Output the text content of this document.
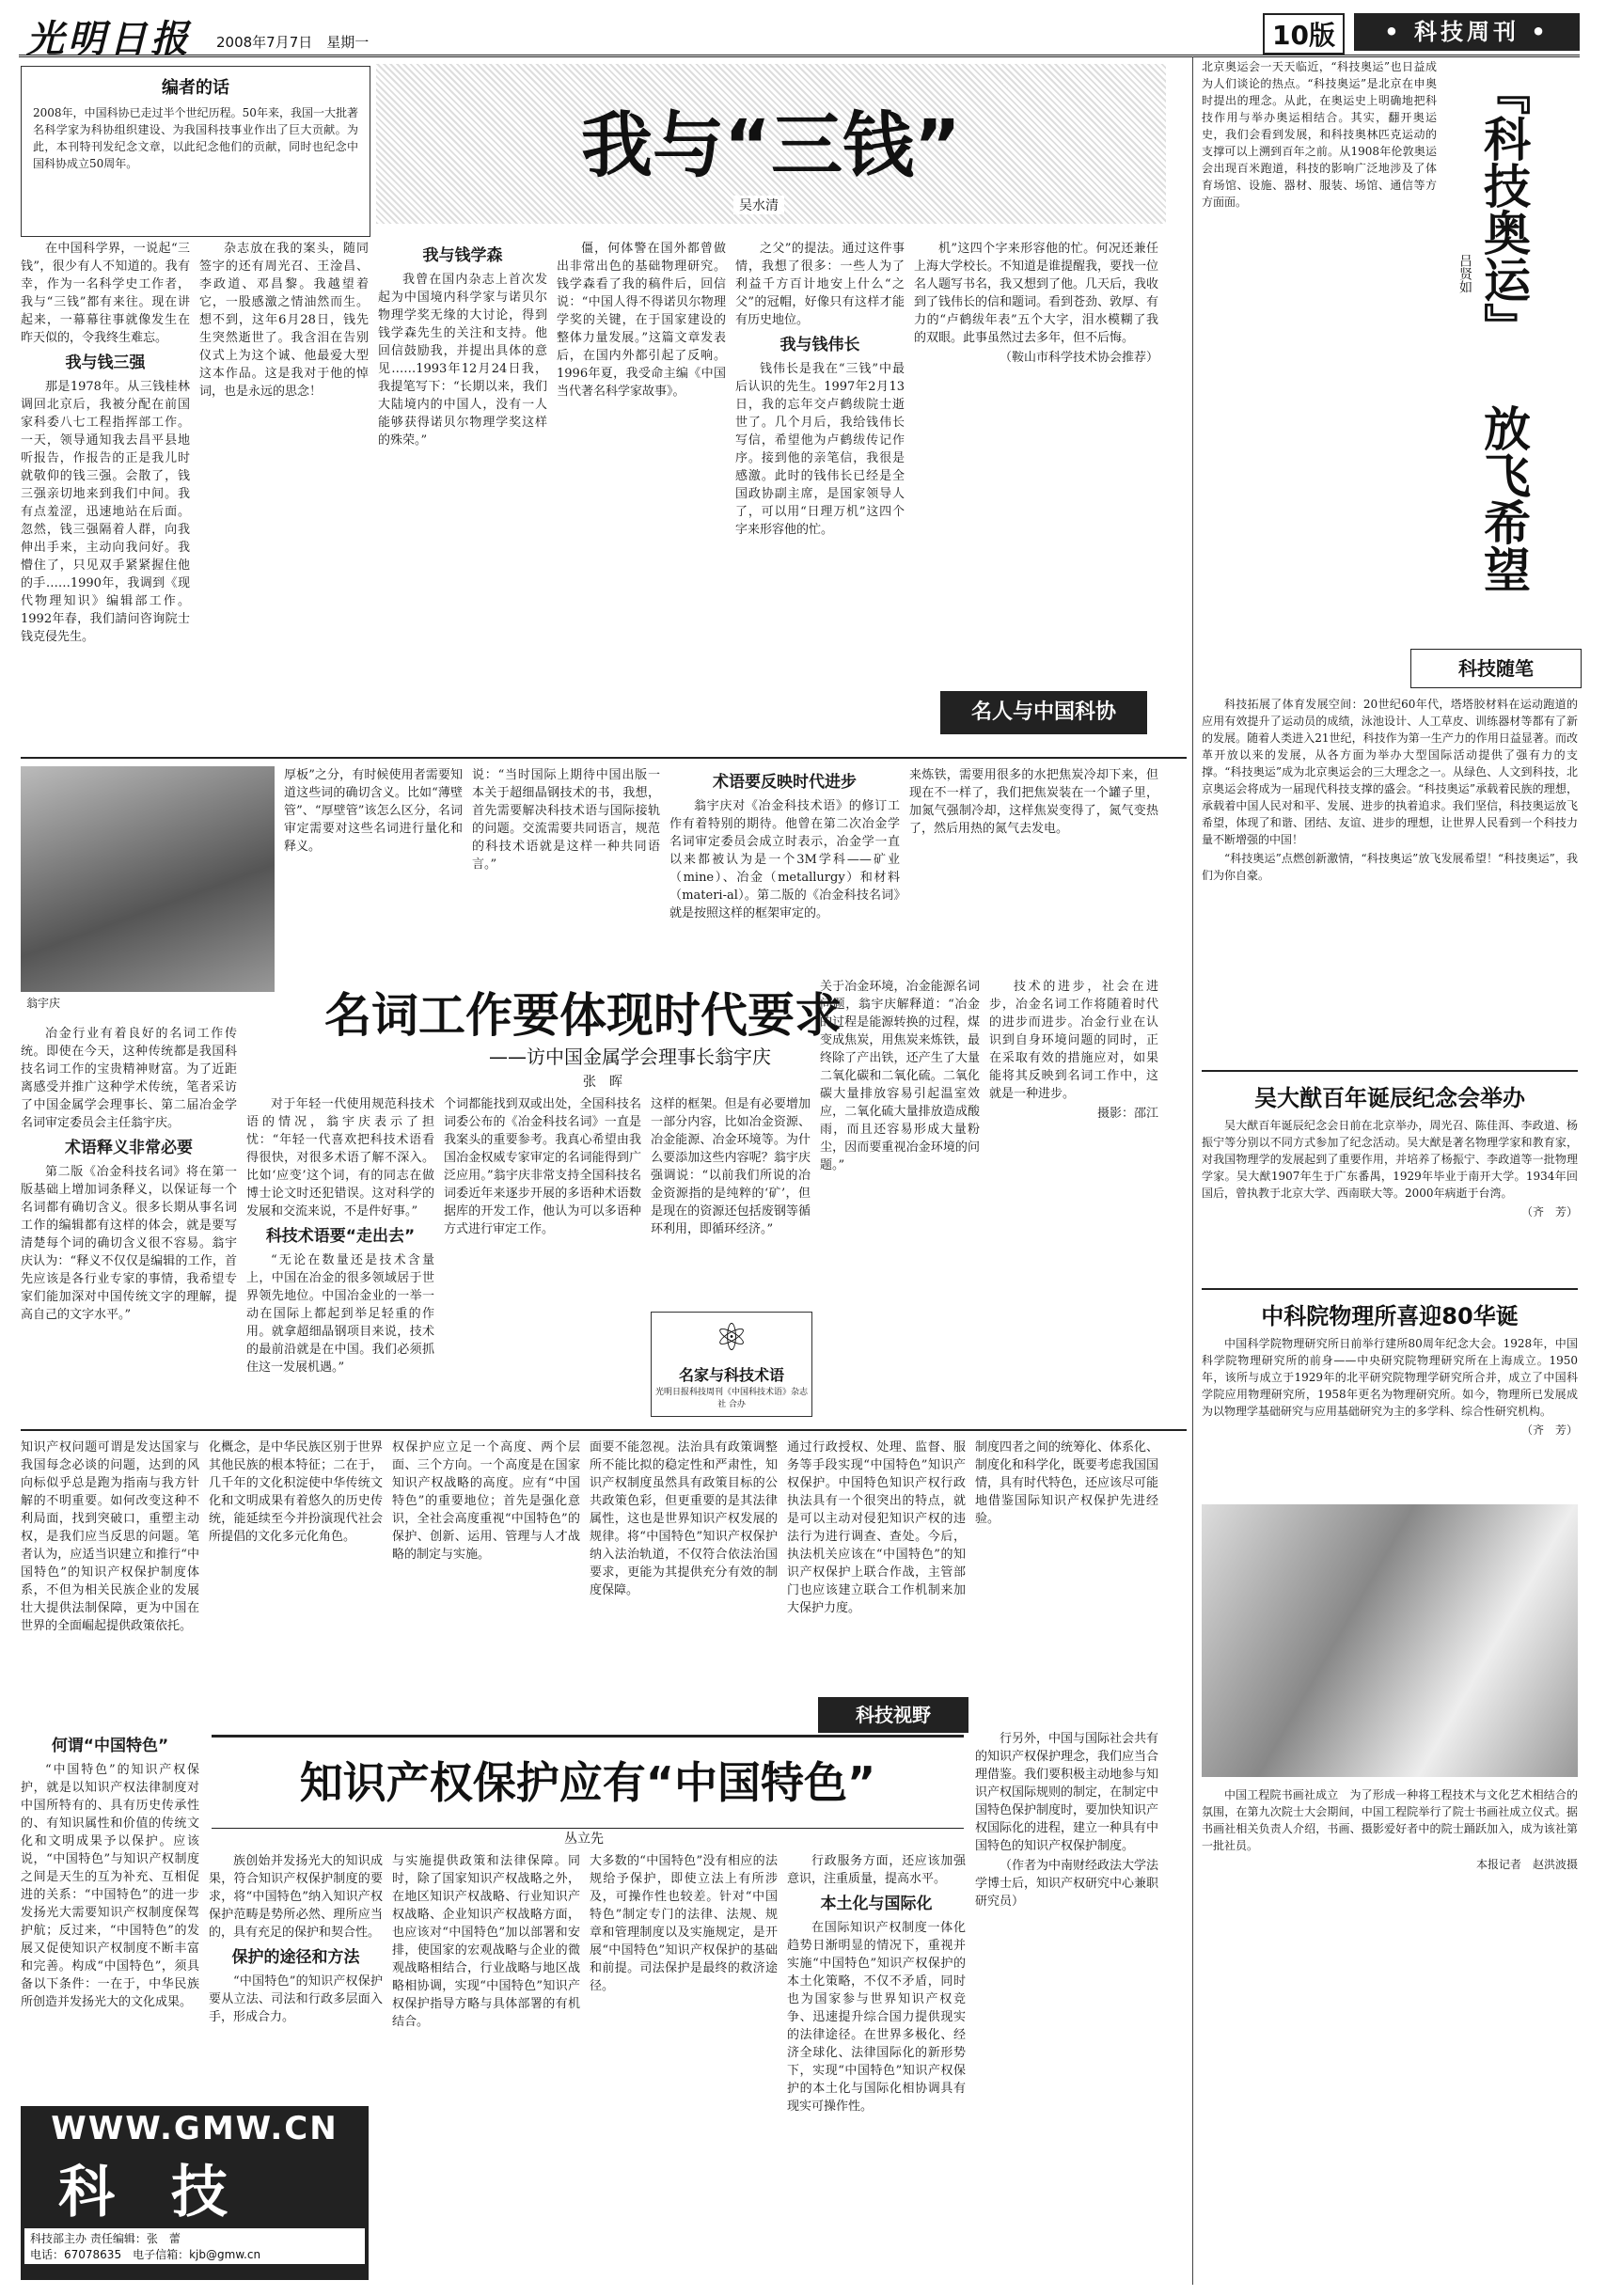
光明日报 2008年7月7日　星期一	10版	• 科技周刊 •
编者的话
2008年，中国科协已走过半个世纪历程。50年来，我国一大批著名科学家为科协组织建设、为我国科技事业作出了巨大贡献。为此，本刊特刊发纪念文章，以此纪念他们的贡献，同时也纪念中国科协成立50周年。	我与“三钱”
吴水清

在中国科学界，一说起“三钱”，很少有人不知道的。我有幸，作为一名科学史工作者，我与“三钱”都有来往。现在讲起来，一幕幕往事就像发生在昨天似的，令我终生难忘。

我与钱三强

那是1978年。从三钱桂林调回北京后，我被分配在前国家科委八七工程指挥部工作。一天，领导通知我去昌平县地听报告，作报告的正是我儿时就敬仰的钱三强。会散了，钱三强亲切地来到我们中间。我有点羞涩，迅速地站在后面。忽然，钱三强隔着人群，向我伸出手来，主动向我问好。我懵住了，只见双手紧紧握住他的手……1990年，我调到《现代物理知识》编辑部工作。1992年春，我们請问咨询院士钱克侵先生。

杂志放在我的案头，随同签字的还有周光召、王淦昌、李政道、邓昌黎。我越望着它，一股感激之情油然而生。想不到，这年6月28日，钱先生突然逝世了。我含泪在告别仪式上为这个诚、他最爱大型这本作品。这是我对于他的悼词，也是永远的思念！

我与钱学森

我曾在国内杂志上首次发起为中国境内科学家与诺贝尔物理学奖无缘的大讨论，得到钱学森先生的关注和支持。他回信鼓励我，并提出具体的意见……1993年12月24日我，我提笔写下：“长期以来，我们大陆境内的中国人，没有一人能够获得诺贝尔物理学奖这样的殊荣。”

僵，何体警在国外都曾做出非常出色的基础物理研究。钱学森看了我的稿件后，回信说：“中国人得不得诺贝尔物理学奖的关键，在于国家建设的整体力量发展。”这篇文章发表后，在国内外都引起了反响。1996年夏，我受命主编《中国当代著名科学家故事》。

之父”的提法。通过这件事情，我想了很多：一些人为了利益千方百计地安上什么“之父”的冠帽，好像只有这样才能有历史地位。

我与钱伟长

钱伟长是我在“三钱”中最后认识的先生。1997年2月13日，我的忘年交卢鹤绂院士逝世了。几个月后，我给钱伟长写信，希望他为卢鹤绂传记作序。接到他的亲笔信，我很是感激。此时的钱伟长已经是全国政协副主席，是国家领导人了，可以用“日理万机”这四个字来形容他的忙。

机”这四个字来形容他的忙。何况还兼任上海大学校长。不知道是谁提醒我，要找一位名人题写书名，我又想到了他。几天后，我收到了钱伟长的信和题词。看到苍劲、敦厚、有力的“卢鹤绂年表”五个大字，泪水模糊了我的双眼。此事虽然过去多年，但不后悔。

（鞍山市科学技术协会推荐）

名人与中国科协
翁宇庆
厚板”之分，有时候使用者需要知道这些词的确切含义。比如“薄壁管”、“厚壁管”该怎么区分，名词审定需要对这些名词进行量化和释义。
说：“当时国际上期待中国出版一本关于超细晶钢技术的书，我想，首先需要解决科技术语与国际接轨的问题。交流需要共同语言，规范的科技术语就是这样一种共同语言。”
术语要反映时代进步

翁宇庆对《冶金科技术语》的修订工作有着特别的期待。他曾在第二次冶金学名词审定委员会成立时表示，冶金学一直以来都被认为是一个3M学科——矿业（mine）、冶金（metallurgy）和材料（materi-al）。第二版的《冶金科技名词》就是按照这样的框架审定的。

来炼铁，需要用很多的水把焦炭冷却下来，但现在不一样了，我们把焦炭装在一个罐子里，加氮气强制冷却，这样焦炭变得了，氮气变热了，然后用热的氮气去发电。
名词工作要体现时代要求
——访中国金属学会理事长翁宇庆
张　晖

冶金行业有着良好的名词工作传统。即使在今天，这种传统都是我国科技名词工作的宝贵精神财富。为了近距离感受并推广这种学术传统，笔者采访了中国金属学会理事长、第二届冶金学名词审定委员会主任翁宇庆。

术语释义非常必要

第二版《冶金科技名词》将在第一版基础上增加词条释义，以保证每一个名词都有确切含义。很多长期从事名词工作的编辑都有这样的体会，就是要写清楚每个词的确切含义很不容易。翁宇庆认为：“释义不仅仅是编辑的工作，首先应该是各行业专家的事情，我希望专家们能加深对中国传统文字的理解，提高自己的文字水平。”

对于年轻一代使用规范科技术语的情况，翁宇庆表示了担忧：“年轻一代喜欢把科技术语看得很快，对很多术语了解不深入。比如‘应变’这个词，有的同志在做博士论文时还犯错误。这对科学的发展和交流来说，不是件好事。”

科技术语要“走出去”

“无论在数量还是技术含量上，中国在冶金的很多领域居于世界领先地位。中国冶金业的一举一动在国际上都起到举足轻重的作用。就拿超细晶钢项目来说，技术的最前沿就是在中国。我们必须抓住这一发展机遇。”

个词都能找到双或出处，全国科技名词委公布的《冶金科技名词》一直是我案头的重要参考。我真心希望由我国冶金权威专家审定的名词能得到广泛应用。”翁宇庆非常支持全国科技名词委近年来逐步开展的多语种术语数据库的开发工作，他认为可以多语种方式进行审定工作。
这样的框架。但是有必要增加一部分内容，比如冶金资源、冶金能源、冶金环境等。为什么要添加这些内容呢？翁宇庆强调说：“以前我们所说的冶金资源指的是纯粹的‘矿’，但是现在的资源还包括废钢等循环利用，即循环经济。”
关于冶金环境，冶金能源名词问题，翁宇庆解释道：“冶金的过程是能源转换的过程，煤变成焦炭，用焦炭来炼铁，最终除了产出铁，还产生了大量二氧化碳和二氧化硫。二氧化碳大量排放容易引起温室效应，二氧化硫大量排放造成酸雨，而且还容易形成大量粉尘，因而要重视冶金环境的问题。”

技术的进步，社会在进步，冶金名词工作将随着时代的进步而进步。冶金行业在认识到自身环境问题的同时，正在采取有效的措施应对，如果能将其反映到名词工作中，这就是一种进步。

摄影：邵江

⚛
名家与科技术语
光明日报科技周刊《中国科技术语》杂志社 合办
知识产权问题可谓是发达国家与我国每念必谈的问题，达到的风向标似乎总是跑为指南与我方针解的不明重要。如何改变这种不利局面，找到突破口，重塑主动权，是我们应当反思的问题。笔者认为，应适当识建立和推行“中国特色”的知识产权保护制度体系，不但为相关民族企业的发展壮大提供法制保障，更为中国在世界的全面崛起提供政策依托。
化概念，是中华民族区别于世界其他民族的根本特征；二在于，几千年的文化积淀使中华传统文化和文明成果有着悠久的历史传统，能延续至今并扮演现代社会所提倡的文化多元化角色。
权保护应立足一个高度、两个层面、三个方向。一个高度是在国家知识产权战略的高度。应有“中国特色”的重要地位；首先是强化意识，全社会高度重视“中国特色”的保护、创新、运用、管理与人才战略的制定与实施。
面要不能忽视。法治具有政策调整所不能比拟的稳定性和严肃性，知识产权制度虽然具有政策目标的公共政策色彩，但更重要的是其法律属性，这也是世界知识产权发展的规律。将“中国特色”知识产权保护纳入法治轨道，不仅符合依法治国要求，更能为其提供充分有效的制度保障。
通过行政授权、处理、监督、服务等手段实现“中国特色”知识产权保护。中国特色知识产权行政执法具有一个很突出的特点，就是可以主动对侵犯知识产权的违法行为进行调查、查处。今后，执法机关应该在“中国特色”的知识产权保护上联合作战，主管部门也应该建立联合工作机制来加大保护力度。
制度四者之间的统筹化、体系化、制度化和科学化，既要考虑我国国情，具有时代特色，还应该尽可能地借鉴国际知识产权保护先进经验。
科技视野
知识产权保护应有“中国特色”
丛立先
何谓“中国特色”

“中国特色”的知识产权保护，就是以知识产权法律制度对中国所特有的、具有历史传承性的、有知识属性和价值的传统文化和文明成果予以保护。应该说，“中国特色”与知识产权制度之间是天生的互为补充、互相促进的关系：“中国特色”的进一步发扬光大需要知识产权制度保驾护航；反过来，“中国特色”的发展又促使知识产权制度不断丰富和完善。构成“中国特色”，须具备以下条件：一在于，中华民族所创造并发扬光大的文化成果。

族创始并发扬光大的知识成果，符合知识产权保护制度的要求，将“中国特色”纳入知识产权保护范畴是势所必然、理所应当的，具有充足的保护和契合性。

保护的途径和方法

“中国特色”的知识产权保护要从立法、司法和行政多层面入手，形成合力。

与实施提供政策和法律保障。同时，除了国家知识产权战略之外，在地区知识产权战略、行业知识产权战略、企业知识产权战略方面，也应该对“中国特色”加以部署和安排，使国家的宏观战略与企业的微观战略相结合，行业战略与地区战略相协调，实现“中国特色”知识产权保护指导方略与具体部署的有机结合。
大多数的“中国特色”没有相应的法规给予保护，即使立法上有所涉及，可操作性也较差。针对“中国特色”制定专门的法律、法规、规章和管理制度以及实施规定，是开展“中国特色”知识产权保护的基础和前提。司法保护是最终的救济途径。

行政服务方面，还应该加强意识，注重质量，提高水平。

本土化与国际化

在国际知识产权制度一体化趋势日渐明显的情况下，重视并实施“中国特色”知识产权保护的本土化策略，不仅不矛盾，同时也为国家参与世界知识产权竞争、迅速提升综合国力提供现实的法律途径。在世界多极化、经济全球化、法律国际化的新形势下，实现“中国特色”知识产权保护的本土化与国际化相协调具有现实可操作性。

行另外，中国与国际社会共有的知识产权保护理念，我们应当合理借鉴。我们要积极主动地参与知识产权国际规则的制定，在制定中国特色保护制度时，要加快知识产权国际化的进程，建立一种具有中国特色的知识产权保护制度。

（作者为中南财经政法大学法学博士后，知识产权研究中心兼职研究员）

WWW.GMW.CN
科　技
科技部主办 责任编辑：张　蕾
电话：67078635　 电子信箱：kjb@gmw.cn
北京奥运会一天天临近，“科技奥运”也日益成为人们谈论的热点。“科技奥运”是北京在申奥时提出的理念。从此，在奥运史上明确地把科技作用与举办奥运相结合。其实，翻开奥运史，我们会看到发展，和科技奥林匹克运动的支撑可以上溯到百年之前。从1908年伦敦奥运会出现百米跑道，科技的影响广泛地涉及了体育场馆、设施、器材、服装、场馆、通信等方方面面。	『科技奥运』
吕贤如
放飞希望
科技随笔

科技拓展了体育发展空间：20世纪60年代，塔塔胶材料在运动跑道的应用有效提升了运动员的成绩，泳池设计、人工草皮、训练器材等都有了新的发展。随着人类进入21世纪，科技作为第一生产力的作用日益显著。而改革开放以来的发展，从各方面为举办大型国际活动提供了强有力的支撑。“科技奥运”成为北京奥运会的三大理念之一。从绿色、人文到科技，北京奥运会将成为一届现代科技支撑的盛会。“科技奥运”承载着民族的理想，承载着中国人民对和平、发展、进步的执着追求。我们坚信，科技奥运放飞希望，体现了和谐、团结、友谊、进步的理想，让世界人民看到一个科技力量不断增强的中国！

“科技奥运”点燃创新激情，“科技奥运”放飞发展希望！“科技奥运”，我们为你自豪。

吴大猷百年诞辰纪念会举办

吴大猷百年诞辰纪念会日前在北京举办，周光召、陈佳洱、李政道、杨振宁等分别以不同方式参加了纪念活动。吴大猷是著名物理学家和教育家，对我国物理学的发展起到了重要作用，并培养了杨振宁、李政道等一批物理学家。吴大猷1907年生于广东番禺，1929年毕业于南开大学。1934年回国后，曾执教于北京大学、西南联大等。2000年病逝于台湾。

（齐　芳）

中科院物理所喜迎80华诞

中国科学院物理研究所日前举行建所80周年纪念大会。1928年，中国科学院物理研究所的前身——中央研究院物理研究所在上海成立。1950年，该所与成立于1929年的北平研究院物理学研究所合并，成立了中国科学院应用物理研究所，1958年更名为物理研究所。如今，物理所已发展成为以物理学基础研究与应用基础研究为主的多学科、综合性研究机构。

（齐　芳）

中国工程院书画社成立　为了形成一种将工程技术与文化艺术相结合的氛围，在第九次院士大会期间，中国工程院举行了院士书画社成立仪式。据书画社相关负责人介绍，书画、摄影爱好者中的院士踊跃加入，成为该社第一批社员。

本报记者　赵洪波摄
